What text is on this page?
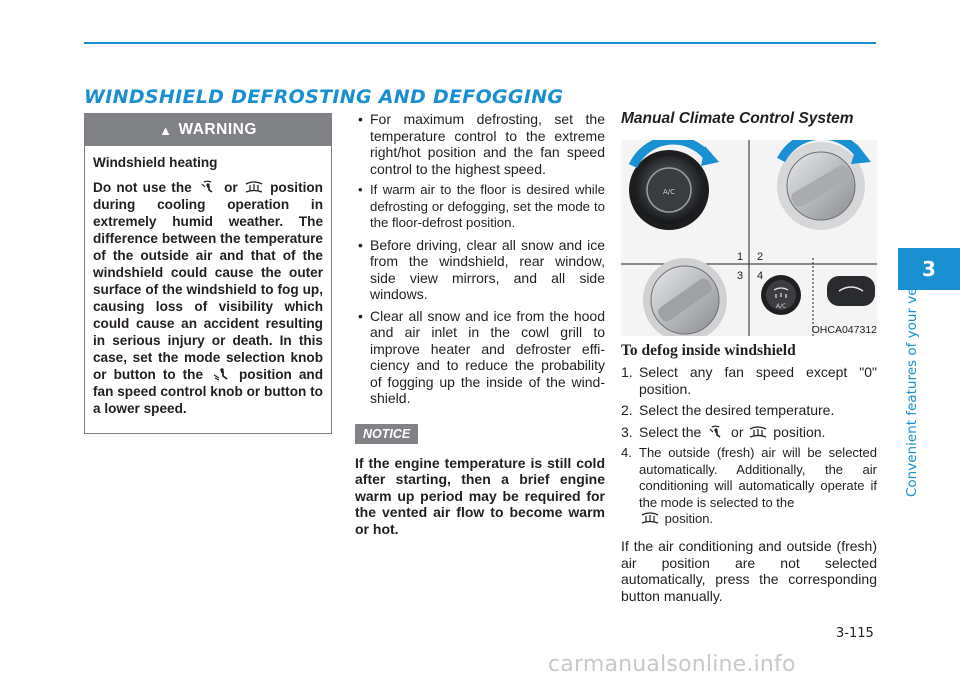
WINDSHIELD DEFROSTING AND DEFOGGING
3
Convenient features of your vehicle
▲ WARNING
Windshield heating
Do not use the  or  position during cooling operation in extremely humid weather. The difference between the temperature of the outside air and that of the windshield could cause the outer surface of the windshield to fog up, causing loss of visibility which could cause an accident resulting in serious injury or death. In this case, set the mode selection knob or button to the  position and fan speed control knob or button to a lower speed.
• For maximum defrosting, set the temperature control to the extreme right/hot position and the fan speed control to the highest speed.
• If warm air to the floor is desired while defrosting or defogging, set the mode to the floor-defrost position.
• Before driving, clear all snow and ice from the windshield, rear window, side view mirrors, and all side windows.
• Clear all snow and ice from the hood and air inlet in the cowl grill to improve heater and defroster efficiency and to reduce the probability of fogging up the inside of the windshield.
NOTICE
If the engine temperature is still cold after starting, then a brief engine warm up period may be required for the vented air flow to become warm or hot.
Manual Climate Control System
A/C
A/C
1 2
3 4
OHCA047312
To defog inside windshield
1. Select any fan speed except "0" position.
2. Select the desired temperature.
3. Select the  or  position.
4. The outside (fresh) air will be selected automatically. Additionally, the air conditioning will automatically operate if the mode is selected to the
position.
If the air conditioning and outside (fresh) air position are not selected automatically, press the corresponding button manually.
3-115
carmanualsonline.info
